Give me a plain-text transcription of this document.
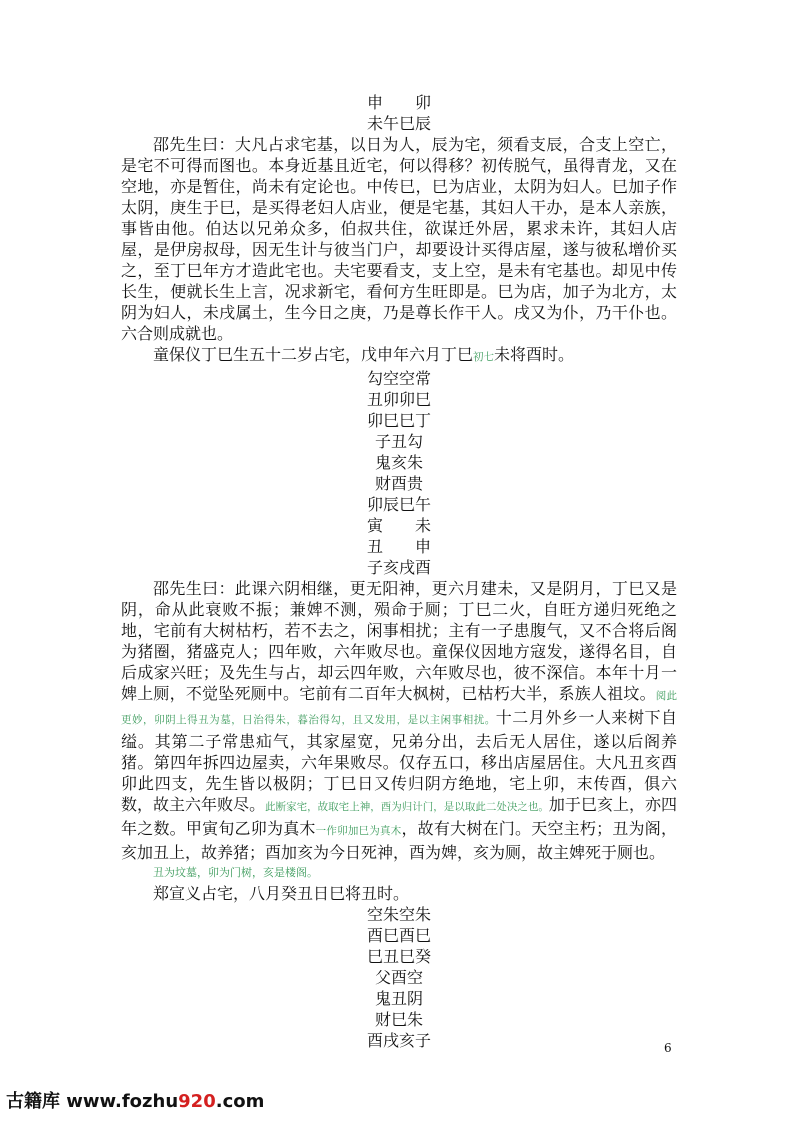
申　　卯
未午巳辰

邵先生曰：大凡占求宅基，以日为人，辰为宅，须看支辰，合支上空亡，是宅不可得而图也。本身近基且近宅，何以得移？初传脱气，虽得青龙，又在空地，亦是暂住，尚未有定论也。中传巳，巳为店业，太阴为妇人。巳加子作太阴，庚生于巳，是买得老妇人店业，便是宅基，其妇人干办，是本人亲族，事皆由他。伯达以兄弟众多，伯叔共住，欲谋迁外居，累求未许，其妇人店屋，是伊房叔母，因无生计与彼当门户，却要设计买得店屋，遂与彼私增价买之，至丁巳年方才造此宅也。夫宅要看支，支上空，是未有宅基也。却见中传长生，便就长生上言，况求新宅，看何方生旺即是。巳为店，加子为北方，太阴为妇人，未戌属土，生今日之庚，乃是尊长作干人。戌又为仆，乃干仆也。六合则成就也。

童保仪丁巳生五十二岁占宅，戊申年六月丁巳初七未将酉时。

勾空空常
丑卯卯巳
卯巳巳丁
子丑勾
鬼亥朱
财酉贵
卯辰巳午
寅　　未
丑　　申
子亥戌酉

邵先生曰：此课六阴相继，更无阳神，更六月建未，又是阴月，丁巳又是阴，命从此衰败不振；兼婢不测，殒命于厕；丁巳二火，自旺方递归死绝之地，宅前有大树枯朽，若不去之，闲事相扰；主有一子患腹气，又不合将后阁为猪圈，猪盛克人；四年败，六年败尽也。童保仪因地方寇发，遂得名目，自后成家兴旺；及先生与占，却云四年败，六年败尽也，彼不深信。本年十月一婢上厕，不觉坠死厕中。宅前有二百年大枫树，已枯朽大半，系族人祖坟。阅此更妙，卯阴上得丑为墓，日治得朱，暮治得勾，且又发用，是以主闲事相扰。十二月外乡一人来树下自缢。其第二子常患疝气，其家屋宽，兄弟分出，去后无人居住，遂以后阁养猪。第四年拆四边屋卖，六年果败尽。仅存五口，移出店屋居住。大凡丑亥酉卯此四支，先生皆以极阴；丁巳日又传归阴方绝地，宅上卯，末传酉，俱六数，故主六年败尽。此断家宅，故取宅上神，酉为归计门，是以取此二处决之也。加于巳亥上，亦四年之数。甲寅旬乙卯为真木一作卯加巳为真木，故有大树在门。天空主朽；丑为阁，亥加丑上，故养猪；酉加亥为今日死神，酉为婢，亥为厕，故主婢死于厕也。

丑为坟墓，卯为门树，亥是楼阁。

郑宣义占宅，八月癸丑日巳将丑时。

空朱空朱
酉巳酉巳
巳丑巳癸
父酉空
鬼丑阴
财巳朱
酉戌亥子	6
古籍库 www.fozhu920.com
